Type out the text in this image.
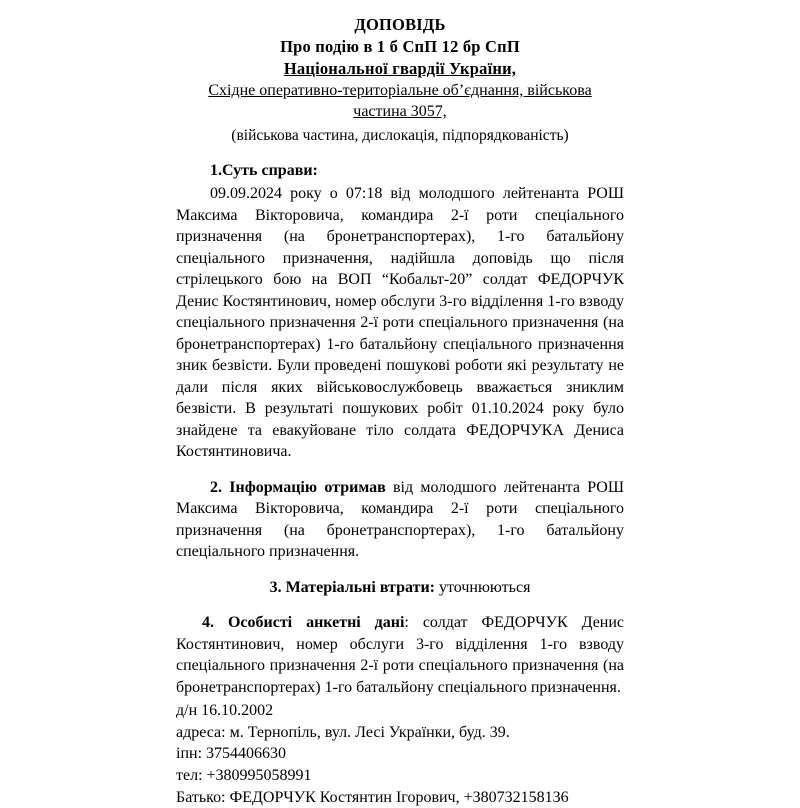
ДОПОВІДЬ
Про подію в 1 б СпП 12 бр СпП
Національної гвардії України,
Східне оперативно-територіальне об’єднання, військова
частина 3057,
(військова частина, дислокація, підпорядкованість)

1.Суть справи:

09.09.2024 року о 07:18 від молодшого лейтенанта РОШ Максима Вікторовича, командира 2-ї роти спеціального призначення (на бронетранспортерах), 1-го батальйону спеціального призначення, надійшла доповідь що після стрілецького бою на ВОП “Кобальт-20” солдат ФЕДОРЧУК Денис Костянтинович, номер обслуги 3-го відділення 1-го взводу спеціального призначення 2-ї роти спеціального призначення (на бронетранспортерах) 1-го батальйону спеціального призначення зник безвісти. Були проведені пошукові роботи які результату не дали після яких військовослужбовець вважається зниклим безвісти. В результаті пошукових робіт 01.10.2024 року було знайдене та евакуйоване тіло солдата ФЕДОРЧУКА Дениса Костянтиновича.

2. Інформацію отримав від молодшого лейтенанта РОШ Максима Вікторовича, командира 2-ї роти спеціального призначення (на бронетранспортерах), 1-го батальйону спеціального призначення.

3. Матеріальні втрати: уточнюються

4. Особисті анкетні дані: солдат ФЕДОРЧУК Денис Костянтинович, номер обслуги 3-го відділення 1-го взводу спеціального призначення 2-ї роти спеціального призначення (на бронетранспортерах) 1-го батальйону спеціального призначення.

д/н 16.10.2002
адреса: м. Тернопіль, вул. Лесі Українки, буд. 39.
іпн: 3754406630
тел: +380995058991
Батько: ФЕДОРЧУК Костянтин Ігорович, +380732158136
